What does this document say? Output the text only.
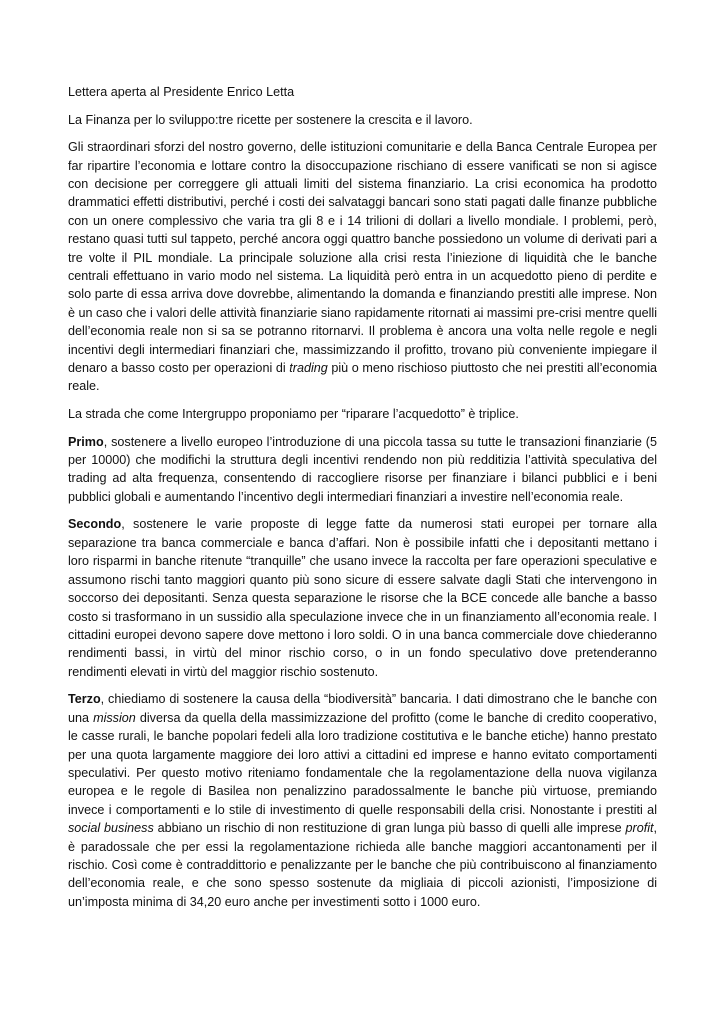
Lettera aperta al Presidente Enrico Letta

La Finanza per lo sviluppo:tre ricette per sostenere la crescita e il lavoro.

Gli straordinari sforzi del nostro governo, delle istituzioni comunitarie e della Banca Centrale Europea per far ripartire l’economia e lottare contro la disoccupazione rischiano di essere vanificati se non si agisce con decisione per correggere gli attuali limiti del sistema finanziario. La crisi economica ha prodotto drammatici effetti distributivi, perché i costi dei salvataggi bancari sono stati pagati dalle finanze pubbliche con un onere complessivo che varia tra gli 8 e i 14 trilioni di dollari a livello mondiale. I problemi, però, restano quasi tutti sul tappeto, perché ancora oggi quattro banche possiedono un volume di derivati pari a tre volte il PIL mondiale. La principale soluzione alla crisi resta l’iniezione di liquidità che le banche centrali effettuano in vario modo nel sistema. La liquidità però entra in un acquedotto pieno di perdite e solo parte di essa arriva dove dovrebbe, alimentando la domanda e finanziando prestiti alle imprese. Non è un caso che i valori delle attività finanziarie siano rapidamente ritornati ai massimi pre-crisi mentre quelli dell’economia reale non si sa se potranno ritornarvi. Il problema è ancora una volta nelle regole e negli incentivi degli intermediari finanziari che, massimizzando il profitto, trovano più conveniente impiegare il denaro a basso costo per operazioni di trading più o meno rischioso piuttosto che nei prestiti all’economia reale.

La strada che come Intergruppo proponiamo per “riparare l’acquedotto” è triplice.

Primo, sostenere a livello europeo l’introduzione di una piccola tassa su tutte le transazioni finanziarie (5 per 10000) che modifichi la struttura degli incentivi rendendo non più redditizia l’attività speculativa del trading ad alta frequenza, consentendo di raccogliere risorse per finanziare i bilanci pubblici e i beni pubblici globali e aumentando l’incentivo degli intermediari finanziari a investire nell’economia reale.

Secondo, sostenere le varie proposte di legge fatte da numerosi stati europei per tornare alla separazione tra banca commerciale e banca d’affari. Non è possibile infatti che i depositanti mettano i loro risparmi in banche ritenute “tranquille” che usano invece la raccolta per fare operazioni speculative e assumono rischi tanto maggiori quanto più sono sicure di essere salvate dagli Stati che intervengono in soccorso dei depositanti. Senza questa separazione le risorse che la BCE concede alle banche a basso costo si trasformano in un sussidio alla speculazione invece che in un finanziamento all’economia reale. I cittadini europei devono sapere dove mettono i loro soldi. O in una banca commerciale dove chiederanno rendimenti bassi, in virtù del minor rischio corso, o in un fondo speculativo dove pretenderanno rendimenti elevati in virtù del maggior rischio sostenuto.

Terzo, chiediamo di sostenere la causa della “biodiversità” bancaria. I dati dimostrano che le banche con una mission diversa da quella della massimizzazione del profitto (come le banche di credito cooperativo, le casse rurali, le banche popolari fedeli alla loro tradizione costitutiva e le banche etiche) hanno prestato per una quota largamente maggiore dei loro attivi a cittadini ed imprese e hanno evitato comportamenti speculativi. Per questo motivo riteniamo fondamentale che la regolamentazione della nuova vigilanza europea e le regole di Basilea non penalizzino paradossalmente le banche più virtuose, premiando invece i comportamenti e lo stile di investimento di quelle responsabili della crisi. Nonostante i prestiti al social business abbiano un rischio di non restituzione di gran lunga più basso di quelli alle imprese profit, è paradossale che per essi la regolamentazione richieda alle banche maggiori accantonamenti per il rischio. Così come è contraddittorio e penalizzante per le banche che più contribuiscono al finanziamento dell’economia reale, e che sono spesso sostenute da migliaia di piccoli azionisti, l’imposizione di un’imposta minima di 34,20 euro anche per investimenti sotto i 1000 euro.
